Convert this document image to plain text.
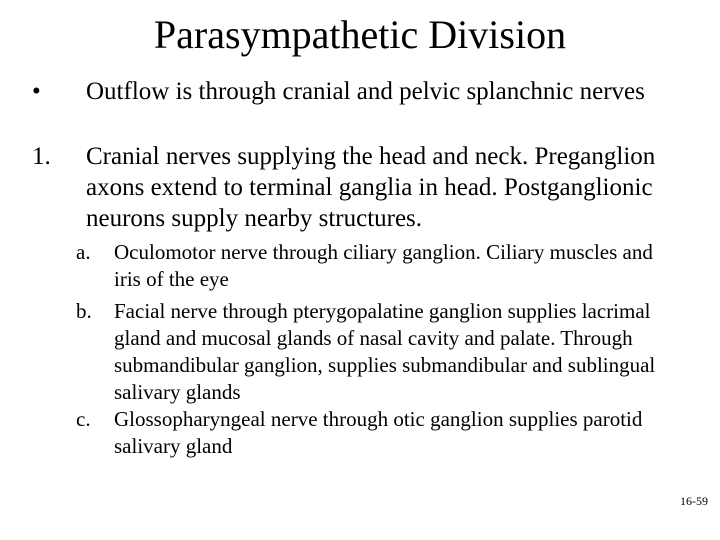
Parasympathetic Division
• Outflow is through cranial and pelvic splanchnic nerves
1. Cranial nerves supplying the head and neck. Preganglion axons extend to terminal ganglia in head. Postganglionic neurons supply nearby structures.
a. Oculomotor nerve through ciliary ganglion. Ciliary muscles and iris of the eye
b. Facial nerve through pterygopalatine ganglion supplies lacrimal gland and mucosal glands of nasal cavity and palate. Through submandibular ganglion, supplies submandibular and sublingual salivary glands
c. Glossopharyngeal nerve through otic ganglion supplies parotid salivary gland
16-59
